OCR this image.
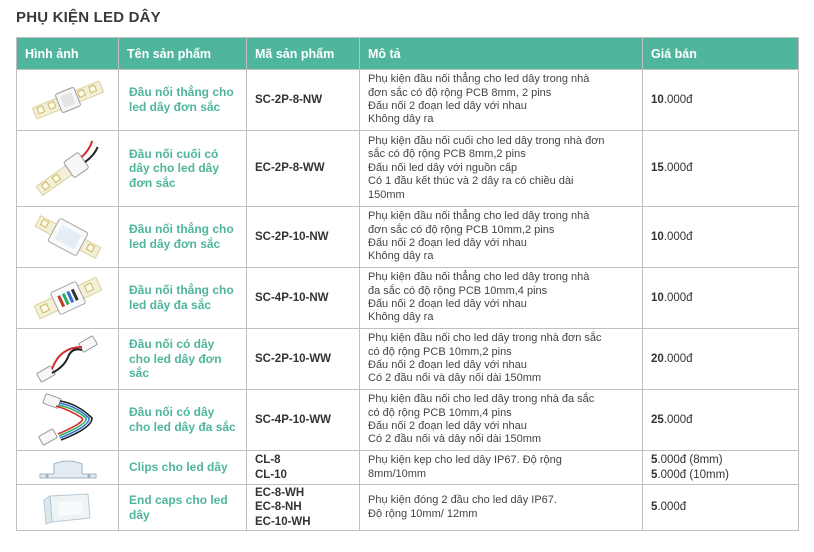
PHỤ KIỆN LED DÂY
Hình ảnh	Tên sản phẩm	Mã sản phẩm	Mô tả	Giá bán

	Đầu nối thẳng cho led dây đơn sắc	SC-2P-8-NW	Phụ kiện đầu nối thẳng cho led dây trong nhà
đơn sắc có độ rộng PCB 8mm, 2 pins
Đấu nối 2 đoạn led dây với nhau
Không dây ra	10.000đ

	Đầu nối cuối có dây cho led dây đơn sắc	EC-2P-8-WW	Phụ kiện đầu nối cuối cho led dây trong nhà đơn
sắc có độ rộng PCB 8mm,2 pins
Đấu nối led dây với nguồn cấp
Có 1 đầu kết thúc và 2 dây ra có chiều dài
150mm	15.000đ

	Đầu nối thẳng cho led dây đơn sắc	SC-2P-10-NW	Phụ kiện đầu nối thẳng cho led dây trong nhà
đơn sắc có độ rộng PCB 10mm,2 pins
Đấu nối 2 đoạn led dây với nhau
Không dây ra	10.000đ

	Đầu nối thẳng cho led dây đa sắc	SC-4P-10-NW	Phụ kiện đầu nối thẳng cho led dây trong nhà
đa sắc có độ rộng PCB 10mm,4 pins
Đấu nối 2 đoạn led dây với nhau
Không dây ra	10.000đ

	Đầu nối có dây cho led dây đơn sắc	SC-2P-10-WW	Phụ kiện đầu nối cho led dây trong nhà đơn sắc
có độ rộng PCB 10mm,2 pins
Đấu nối 2 đoạn led dây với nhau
Có 2 đầu nối và dây nối dài 150mm	20.000đ

	Đầu nối có dây cho led dây đa sắc	SC-4P-10-WW	Phụ kiện đầu nối cho led dây trong nhà đa sắc
có độ rộng PCB 10mm,4 pins
Đấu nối 2 đoạn led dây với nhau
Có 2 đầu nối và dây nối dài 150mm	25.000đ

	Clips cho led dây	CL-8
CL-10	Phụ kiện kẹp cho led dây IP67. Độ rộng
8mm/10mm	5.000đ (8mm)
5.000đ (10mm)

	End caps cho led dây	EC-8-WH
EC-8-NH
EC-10-WH	Phụ kiện đóng 2 đầu cho led dây IP67.
Độ rộng 10mm/ 12mm	5.000đ
